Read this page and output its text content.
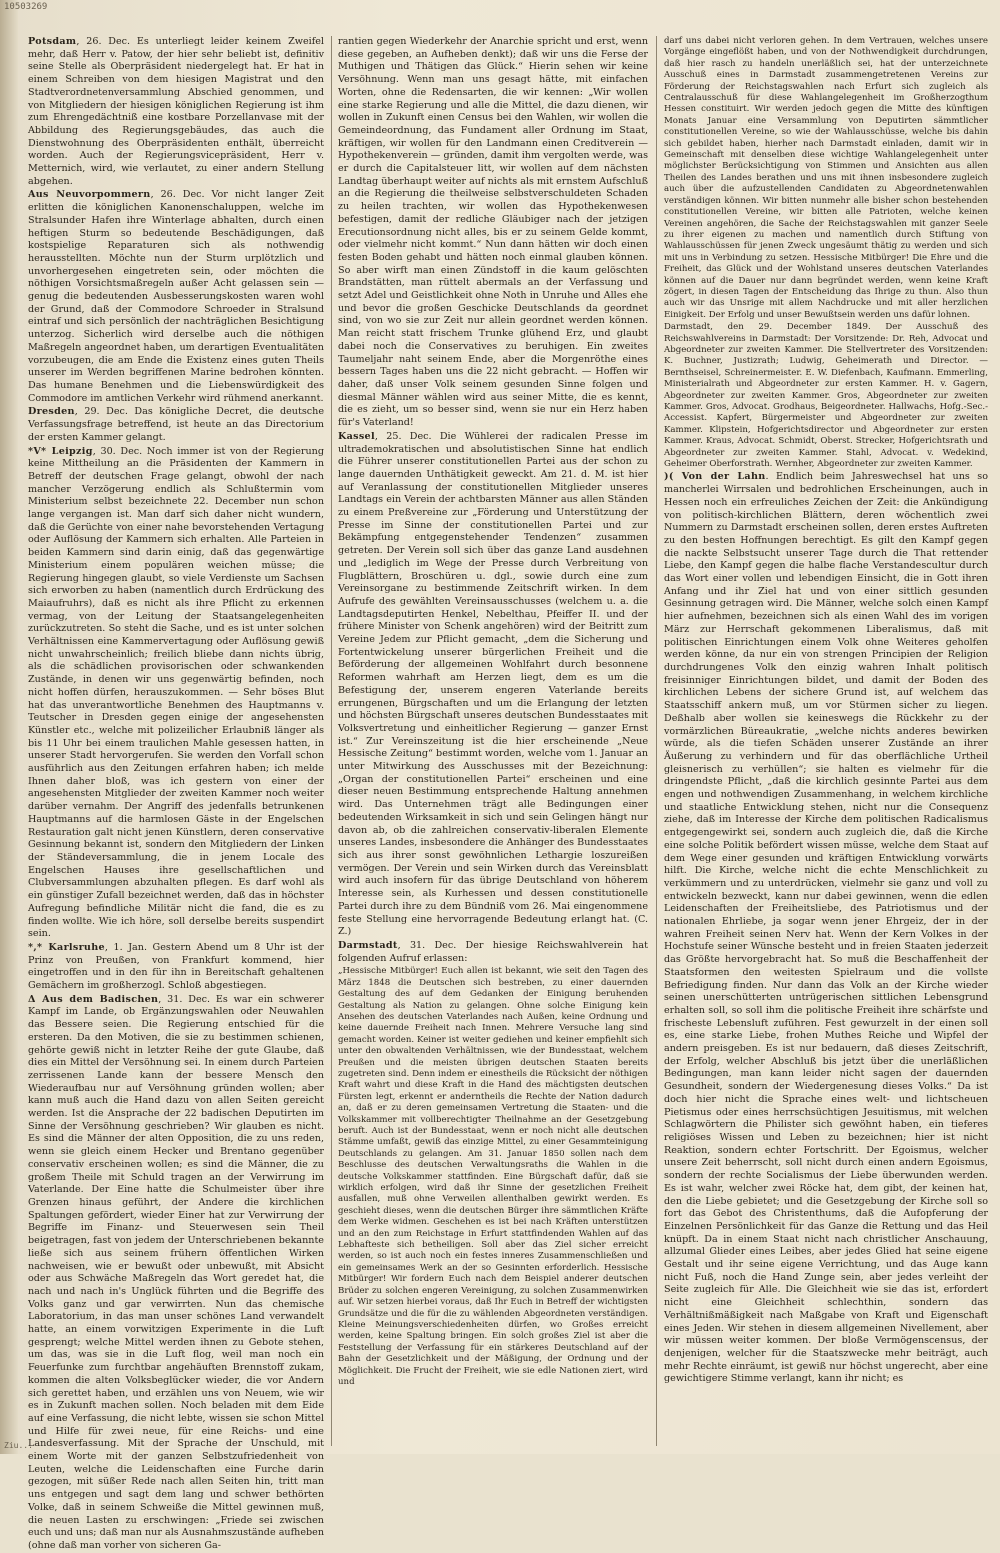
10503269

Potsdam, 26. Dec. Es unterliegt leider keinem Zweifel mehr, daß Herr v. Patow, der hier sehr beliebt ist, definitiv seine Stelle als Oberpräsident niedergelegt hat. Er hat in einem Schreiben von dem hiesigen Magistrat und den Stadtverordnetenversammlung Abschied genommen, und von Mitgliedern der hiesigen königlichen Regierung ist ihm zum Ehrengedächtniß eine kostbare Porzellanvase mit der Abbildung des Regierungsgebäudes, das auch die Dienstwohnung des Oberpräsidenten enthält, überreicht worden. Auch der Regierungsvicepräsident, Herr v. Metternich, wird, wie verlautet, zu einer andern Stellung abgehen.

Aus Neuvorpommern, 26. Dec. Vor nicht langer Zeit erlitten die königlichen Kanonenschaluppen, welche im Stralsunder Hafen ihre Winterlage abhalten, durch einen heftigen Sturm so bedeutende Beschädigungen, daß kostspielige Reparaturen sich als nothwendig herausstellten. Möchte nun der Sturm urplötzlich und unvorhergesehen eingetreten sein, oder möchten die nöthigen Vorsichtsmaßregeln außer Acht gelassen sein — genug die bedeutenden Ausbesserungskosten waren wohl der Grund, daß der Commodore Schroeder in Stralsund eintraf und sich persönlich der nachträglichen Besichtigung unterzog. Sicherlich wird derselbe auch die nöthigen Maßregeln angeordnet haben, um derartigen Eventualitäten vorzubeugen, die am Ende die Existenz eines guten Theils unserer im Werden begriffenen Marine bedrohen könnten. Das humane Benehmen und die Liebenswürdigkeit des Commodore im amtlichen Verkehr wird rühmend anerkannt.

Dresden, 29. Dec. Das königliche Decret, die deutsche Verfassungsfrage betreffend, ist heute an das Directorium der ersten Kammer gelangt.

*V* Leipzig, 30. Dec. Noch immer ist von der Regierung keine Mittheilung an die Präsidenten der Kammern in Betreff der deutschen Frage gelangt, obwohl der nach mancher Verzögerung endlich als Schlußtermin vom Ministerium selbst bezeichnete 22. December nun schon lange vergangen ist. Man darf sich daher nicht wundern, daß die Gerüchte von einer nahe bevorstehenden Vertagung oder Auflösung der Kammern sich erhalten. Alle Parteien in beiden Kammern sind darin einig, daß das gegenwärtige Ministerium einem populären weichen müsse; die Regierung hingegen glaubt, so viele Verdienste um Sachsen sich erworben zu haben (namentlich durch Erdrückung des Maiaufruhrs), daß es nicht als ihre Pflicht zu erkennen vermag, von der Leitung der Staatsangelegenheiten zurückzutreten. So steht die Sache, und es ist unter solchen Verhältnissen eine Kammervertagung oder Auflösung gewiß nicht unwahrscheinlich; freilich bliebe dann nichts übrig, als die schädlichen provisorischen oder schwankenden Zustände, in denen wir uns gegenwärtig befinden, noch nicht hoffen dürfen, herauszukommen. — Sehr böses Blut hat das unverantwortliche Benehmen des Hauptmanns v. Teutscher in Dresden gegen einige der angesehensten Künstler etc., welche mit polizeilicher Erlaubniß länger als bis 11 Uhr bei einem traulichen Mahle gesessen hatten, in unserer Stadt hervorgerufen. Sie werden den Vorfall schon ausführlich aus den Zeitungen erfahren haben; ich melde Ihnen daher bloß, was ich gestern von einer der angesehensten Mitglieder der zweiten Kammer noch weiter darüber vernahm. Der Angriff des jedenfalls betrunkenen Hauptmanns auf die harmlosen Gäste in der Engelschen Restauration galt nicht jenen Künstlern, deren conservative Gesinnung bekannt ist, sondern den Mitgliedern der Linken der Ständeversammlung, die in jenem Locale des Engelschen Hauses ihre gesellschaftlichen und Clubversammlungen abzuhalten pflegen. Es darf wohl als ein günstiger Zufall bezeichnet werden, daß das in höchster Aufregung befindliche Militär nicht die fand, die es zu finden wollte. Wie ich höre, soll derselbe bereits suspendirt sein.

*,* Karlsruhe, 1. Jan. Gestern Abend um 8 Uhr ist der Prinz von Preußen, von Frankfurt kommend, hier eingetroffen und in den für ihn in Bereitschaft gehaltenen Gemächern im großherzogl. Schloß abgestiegen.

Δ Aus dem Badischen, 31. Dec. Es war ein schwerer Kampf im Lande, ob Ergänzungswahlen oder Neuwahlen das Bessere seien. Die Regierung entschied für die ersteren. Da den Motiven, die sie zu bestimmen schienen, gehörte gewiß nicht in letzter Reihe der gute Glaube, daß dies ein Mittel der Versöhnung sei. In einem durch Parteien zerrissenen Lande kann der bessere Mensch den Wiederaufbau nur auf Versöhnung gründen wollen; aber kann muß auch die Hand dazu von allen Seiten gereicht werden. Ist die Ansprache der 22 badischen Deputirten im Sinne der Versöhnung geschrieben? Wir glauben es nicht. Es sind die Männer der alten Opposition, die zu uns reden, wenn sie gleich einem Hecker und Brentano gegenüber conservativ erscheinen wollen; es sind die Männer, die zu großem Theile mit Schuld tragen an der Verwirrung im Vaterlande. Der Eine hatte die Schulmeister über ihre Grenzen hinaus geführt, der Andere die kirchlichen Spaltungen gefördert, wieder Einer hat zur Verwirrung der Begriffe im Finanz- und Steuerwesen sein Theil beigetragen, fast von jedem der Unterschriebenen bekannte ließe sich aus seinem frühern öffentlichen Wirken nachweisen, wie er bewußt oder unbewußt, mit Absicht oder aus Schwäche Maßregeln das Wort geredet hat, die nach und nach in's Unglück führten und die Begriffe des Volks ganz und gar verwirrten. Nun das chemische Laboratorium, in das man unser schönes Land verwandelt hatte, an einem vorwitzigen Experimente in die Luft gesprengt; welche Mittel werden ihnen zu Gebote stehen, um das, was sie in die Luft flog, weil man noch ein Feuerfunke zum furchtbar angehäuften Brennstoff zukam, kommen die alten Volksbeglücker wieder, die vor Andern sich gerettet haben, und erzählen uns von Neuem, wie wir es in Zukunft machen sollen. Noch beladen mit dem Eide auf eine Verfassung, die nicht lebte, wissen sie schon Mittel und Hilfe für zwei neue, für eine Reichs- und eine Landesverfassung. Mit der Sprache der Unschuld, mit einem Worte mit der ganzen Selbstzufriedenheit von Leuten, welche die Leidenschaften eine Furche darin gezogen, mit süßer Rede nach allen Seiten hin, tritt man uns entgegen und sagt dem lang und schwer bethörten Volke, daß in seinem Schweiße die Mittel gewinnen muß, die neuen Lasten zu erschwingen: „Friede sei zwischen euch und uns; daß man nur als Ausnahmszustände aufheben (ohne daß man vorher von sicheren Ga-

rantien gegen Wiederkehr der Anarchie spricht und erst, wenn diese gegeben, an Aufheben denkt); daß wir uns die Ferse der Muthigen und Thätigen das Glück.“ Hierin sehen wir keine Versöhnung. Wenn man uns gesagt hätte, mit einfachen Worten, ohne die Redensarten, die wir kennen: „Wir wollen eine starke Regierung und alle die Mittel, die dazu dienen, wir wollen in Zukunft einen Census bei den Wahlen, wir wollen die Gemeindeordnung, das Fundament aller Ordnung im Staat, kräftigen, wir wollen für den Landmann einen Creditverein — Hypothekenverein — gründen, damit ihm vergolten werde, was er durch die Capitalsteuer litt, wir wollen auf dem nächsten Landtag überhaupt weiter auf nichts als mit ernstem Aufschluß an die Regierung die theilweise selbstverschuldeten Schaden zu heilen trachten, wir wollen das Hypothekenwesen befestigen, damit der redliche Gläubiger nach der jetzigen Erecutionsordnung nicht alles, bis er zu seinem Gelde kommt, oder vielmehr nicht kommt.“ Nun dann hätten wir doch einen festen Boden gehabt und hätten noch einmal glauben können. So aber wirft man einen Zündstoff in die kaum gelöschten Brandstätten, man rüttelt abermals an der Verfassung und setzt Adel und Geistlichkeit ohne Noth in Unruhe und Alles ehe und bevor die großen Geschicke Deutschlands da geordnet sind, von wo sie zur Zeit nur allein geordnet werden können. Man reicht statt frischem Trunke glühend Erz, und glaubt dabei noch die Conservatives zu beruhigen. Ein zweites Taumeljahr naht seinem Ende, aber die Morgenröthe eines bessern Tages haben uns die 22 nicht gebracht. — Hoffen wir daher, daß unser Volk seinem gesunden Sinne folgen und diesmal Männer wählen wird aus seiner Mitte, die es kennt, die es zieht, um so besser sind, wenn sie nur ein Herz haben für's Vaterland!

Kassel, 25. Dec. Die Wühlerei der radicalen Presse im ultrademokratischen und absolutistischen Sinne hat endlich die Führer unserer constitutionellen Partei aus der schon zu lange dauernden Unthätigkeit geweckt. Am 21. d. M. ist hier auf Veranlassung der constitutionellen Mitglieder unseres Landtags ein Verein der achtbarsten Männer aus allen Ständen zu einem Preßvereine zur „Förderung und Unterstützung der Presse im Sinne der constitutionellen Partei und zur Bekämpfung entgegenstehender Tendenzen“ zusammen getreten. Der Verein soll sich über das ganze Land ausdehnen und „lediglich im Wege der Presse durch Verbreitung von Flugblättern, Broschüren u. dgl., sowie durch eine zum Vereinsorgane zu bestimmende Zeitschrift wirken. In dem Aufrufe des gewählten Vereinsausschusses (welchem u. a. die Landtagsdeputirten Henkel, Nebelthau, Pfeiffer II. und der frühere Minister von Schenk angehören) wird der Beitritt zum Vereine Jedem zur Pflicht gemacht, „dem die Sicherung und Fortentwickelung unserer bürgerlichen Freiheit und die Beförderung der allgemeinen Wohlfahrt durch besonnene Reformen wahrhaft am Herzen liegt, dem es um die Befestigung der, unserem engeren Vaterlande bereits errungenen, Bürgschaften und um die Erlangung der letzten und höchsten Bürgschaft unseres deutschen Bundesstaates mit Volksvertretung und einheitlicher Regierung — ganzer Ernst ist.“ Zur Vereinszeitung ist die hier erscheinende „Neue Hessische Zeitung“ bestimmt worden, welche vom 1. Januar an unter Mitwirkung des Ausschusses mit der Bezeichnung: „Organ der constitutionellen Partei“ erscheinen und eine dieser neuen Bestimmung entsprechende Haltung annehmen wird. Das Unternehmen trägt alle Bedingungen einer bedeutenden Wirksamkeit in sich und sein Gelingen hängt nur davon ab, ob die zahlreichen conservativ-liberalen Elemente unseres Landes, insbesondere die Anhänger des Bundesstaates sich aus ihrer sonst gewöhnlichen Lethargie loszureißen vermögen. Der Verein und sein Wirken durch das Vereinsblatt wird auch insofern für das übrige Deutschland von höherem Interesse sein, als Kurhessen und dessen constitutionelle Partei durch ihre zu dem Bündniß vom 26. Mai eingenommene feste Stellung eine hervorragende Bedeutung erlangt hat. (C. Z.)

Darmstadt, 31. Dec. Der hiesige Reichswahlverein hat folgenden Aufruf erlassen:

„Hessische Mitbürger! Euch allen ist bekannt, wie seit den Tagen des März 1848 die Deutschen sich bestreben, zu einer dauernden Gestaltung des auf dem Gedanken der Einigung beruhenden Gestaltung als Nation zu gelangen. Ohne solche Einigung kein Ansehen des deutschen Vaterlandes nach Außen, keine Ordnung und keine dauernde Freiheit nach Innen. Mehrere Versuche lang sind gemacht worden. Keiner ist weiter gediehen und keiner empfiehlt sich unter den obwaltenden Verhältnissen, wie der Bundesstaat, welchem Preußen und die meisten übrigen deutschen Staaten bereits zugetreten sind. Denn indem er einestheils die Rücksicht der nöthigen Kraft wahrt und diese Kraft in die Hand des mächtigsten deutschen Fürsten legt, erkennt er anderntheils die Rechte der Nation dadurch an, daß er zu deren gemeinsamen Vertretung die Staaten- und die Volkskammer mit vollberechtigter Theilnahme an der Gesetzgebung beruft. Auch ist der Bundesstaat, wenn er noch nicht alle deutschen Stämme umfaßt, gewiß das einzige Mittel, zu einer Gesammteinigung Deutschlands zu gelangen. Am 31. Januar 1850 sollen nach dem Beschlusse des deutschen Verwaltungsraths die Wahlen in die deutsche Volkskammer stattfinden. Eine Bürgschaft dafür, daß sie wirklich erfolgen, wird daß ihr Sinne der gesetzlichen Freiheit ausfallen, muß ohne Verweilen allenthalben gewirkt werden. Es geschieht dieses, wenn die deutschen Bürger ihre sämmtlichen Kräfte dem Werke widmen. Geschehen es ist bei nach Kräften unterstützen und an den zum Reichstage in Erfurt stattfindenden Wahlen auf das Lebhafteste sich betheiligen. Soll aber das Ziel sicher erreicht werden, so ist auch noch ein festes inneres Zusammenschließen und ein gemeinsames Werk an der so Gesinnten erforderlich. Hessische Mitbürger! Wir fordern Euch nach dem Beispiel anderer deutschen Brüder zu solchen engeren Vereinigung, zu solchen Zusammenwirken auf. Wir setzen hierbei voraus, daß Ihr Euch in Betreff der wichtigsten Grundsätze und die für die zu wählenden Abgeordneten verständigen. Kleine Meinungsverschiedenheiten dürfen, wo Großes erreicht werden, keine Spaltung bringen. Ein solch großes Ziel ist aber die Feststellung der Verfassung für ein stärkeres Deutschland auf der Bahn der Gesetzlichkeit und der Mäßigung, der Ordnung und der Möglichkeit. Die Frucht der Freiheit, wie sie edle Nationen ziert, wird und

darf uns dabei nicht verloren gehen. In dem Vertrauen, welches unsere Vorgänge eingeflößt haben, und von der Nothwendigkeit durchdrungen, daß hier rasch zu handeln unerläßlich sei, hat der unterzeichnete Ausschuß eines in Darmstadt zusammengetretenen Vereins zur Förderung der Reichstagswahlen nach Erfurt sich zugleich als Centralausschuß für diese Wahlangelegenheit im Großherzogthum Hessen constituirt. Wir werden jedoch gegen die Mitte des künftigen Monats Januar eine Versammlung von Deputirten sämmtlicher constitutionellen Vereine, so wie der Wahlausschüsse, welche bis dahin sich gebildet haben, hierher nach Darmstadt einladen, damit wir in Gemeinschaft mit denselben diese wichtige Wahlangelegenheit unter möglichster Berücksichtigung von Stimmen und Ansichten aus allen Theilen des Landes berathen und uns mit ihnen insbesondere zugleich auch über die aufzustellenden Candidaten zu Abgeordnetenwahlen verständigen können. Wir bitten nunmehr alle bisher schon bestehenden constitutionellen Vereine, wir bitten alle Patrioten, welche keinen Vereinen angehören, die Sache der Reichstagswahlen mit ganzer Seele zu ihrer eigenen zu machen und namentlich durch Stiftung von Wahlausschüssen für jenen Zweck ungesäumt thätig zu werden und sich mit uns in Verbindung zu setzen. Hessische Mitbürger! Die Ehre und die Freiheit, das Glück und der Wohlstand unseres deutschen Vaterlandes können auf die Dauer nur dann begründet werden, wenn keine Kraft zögert, in diesen Tagen der Entscheidung das Ihrige zu thun. Also thun auch wir das Unsrige mit allem Nachdrucke und mit aller herzlichen Einigkeit. Der Erfolg und unser Bewußtsein werden uns dafür lohnen.

Darmstadt, den 29. December 1849. Der Ausschuß des Reichswahlvereins in Darmstadt: Der Vorsitzende: Dr. Reh, Advocat und Abgeordneter zur zweiten Kammer. Die Stellvertreter des Vorsitzenden: K. Buchner, Justizrath; Ludwig, Geheimerath und Director. — Bernthseisel, Schreinermeister. E. W. Diefenbach, Kaufmann. Emmerling, Ministerialrath und Abgeordneter zur ersten Kammer. H. v. Gagern, Abgeordneter zur zweiten Kammer. Gros, Abgeordneter zur zweiten Kammer. Gros, Advocat. Grodhaus, Beigeordneter. Hallwachs, Hofg.-Sec.-Accessist. Kapfert, Bürgermeister und Abgeordneter zur zweiten Kammer. Klipstein, Hofgerichtsdirector und Abgeordneter zur ersten Kammer. Kraus, Advocat. Schmidt, Oberst. Strecker, Hofgerichtsrath und Abgeordneter zur zweiten Kammer. Stahl, Advocat. v. Wedekind, Geheimer Oberforstrath. Wernher, Abgeordneter zur zweiten Kammer.

)( Von der Lahn. Endlich beim Jahreswechsel hat uns so mancherlei Wirrsalen und bedrohlichen Erscheinungen, auch in Hessen noch ein erfreuliches Zeichen der Zeit: die Ankündigung von politisch-kirchlichen Blättern, deren wöchentlich zwei Nummern zu Darmstadt erscheinen sollen, deren erstes Auftreten zu den besten Hoffnungen berechtigt. Es gilt den Kampf gegen die nackte Selbstsucht unserer Tage durch die That rettender Liebe, den Kampf gegen die halbe flache Verstandescultur durch das Wort einer vollen und lebendigen Einsicht, die in Gott ihren Anfang und ihr Ziel hat und von einer sittlich gesunden Gesinnung getragen wird. Die Männer, welche solch einen Kampf hier aufnehmen, bezeichnen sich als einen Wahl des im vorigen März zur Herrschaft gekommenen Liberalismus, daß mit politischen Einrichtungen einem Volk ohne Weiteres geholfen werden könne, da nur ein von strengen Principien der Religion durchdrungenes Volk den einzig wahren Inhalt politisch freisinniger Einrichtungen bildet, und damit der Boden des kirchlichen Lebens der sichere Grund ist, auf welchem das Staatsschiff ankern muß, um vor Stürmen sicher zu liegen. Deßhalb aber wollen sie keineswegs die Rückkehr zu der vormärzlichen Büreaukratie, „welche nichts anderes bewirken würde, als die tiefen Schäden unserer Zustände an ihrer Äußerung zu verhindern und für das oberflächliche Urtheil gleisnerisch zu verhüllen“; sie halten es vielmehr für die dringendste Pflicht, „daß die kirchlich gesinnte Partei aus dem engen und nothwendigen Zusammenhang, in welchem kirchliche und staatliche Entwicklung stehen, nicht nur die Consequenz ziehe, daß im Interesse der Kirche dem politischen Radicalismus entgegengewirkt sei, sondern auch zugleich die, daß die Kirche eine solche Politik befördert wissen müsse, welche dem Staat auf dem Wege einer gesunden und kräftigen Entwicklung vorwärts hilft. Die Kirche, welche nicht die echte Menschlichkeit zu verkümmern und zu unterdrücken, vielmehr sie ganz und voll zu entwickeln bezweckt, kann nur dabei gewinnen, wenn die edlen Leidenschaften der Freiheitsliebe, des Patriotismus und der nationalen Ehrliebe, ja sogar wenn jener Ehrgeiz, der in der wahren Freiheit seinen Nerv hat. Wenn der Kern Volkes in der Hochstufe seiner Wünsche besteht und in freien Staaten jederzeit das Größte hervorgebracht hat. So muß die Beschaffenheit der Staatsformen den weitesten Spielraum und die vollste Befriedigung finden. Nur dann das Volk an der Kirche wieder seinen unerschütterten untrügerischen sittlichen Lebensgrund erhalten soll, so soll ihm die politische Freiheit ihre schärfste und frischeste Lebensluft zuführen. Fest gewurzelt in der einen soll es, eine starke Liebe, frohen Muthes Reiche und Wipfel der andern preisgeben. Es ist nur bedauern, daß dieses Zeitschrift, der Erfolg, welcher Abschluß bis jetzt über die unerläßlichen Bedingungen, man kann leider nicht sagen der dauernden Gesundheit, sondern der Wiedergenesung dieses Volks.“ Da ist doch hier nicht die Sprache eines welt- und lichtscheuen Pietismus oder eines herrschsüchtigen Jesuitismus, mit welchen Schlagwörtern die Philister sich gewöhnt haben, ein tieferes religiöses Wissen und Leben zu bezeichnen; hier ist nicht Reaktion, sondern echter Fortschritt. Der Egoismus, welcher unsere Zeit beherrscht, soll nicht durch einen andern Egoismus, sondern der rechte Socialismus der Liebe überwunden werden. Es ist wahr, welcher zwei Röcke hat, dem gibt, der keinen hat, den die Liebe gebietet; und die Gesetzgebung der Kirche soll so fort das Gebot des Christenthums, daß die Aufopferung der Einzelnen Persönlichkeit für das Ganze die Rettung und das Heil knüpft. Da in einem Staat nicht nach christlicher Anschauung, allzumal Glieder eines Leibes, aber jedes Glied hat seine eigene Gestalt und ihr seine eigene Verrichtung, und das Auge kann nicht Fuß, noch die Hand Zunge sein, aber jedes verleiht der Seite zugleich für Alle. Die Gleichheit wie sie das ist, erfordert nicht eine Gleichheit schlechthin, sondern das Verhältnißmäßigkeit nach Maßgabe von Kraft und Eigenschaft eines Jeden. Wir stehen in diesem allgemeinen Nivellement, aber wir müssen weiter kommen. Der bloße Vermögenscensus, der denjenigen, welcher für die Staatszwecke mehr beiträgt, auch mehr Rechte einräumt, ist gewiß nur höchst ungerecht, aber eine gewichtigere Stimme verlangt, kann ihr nicht; es

Ziu...
